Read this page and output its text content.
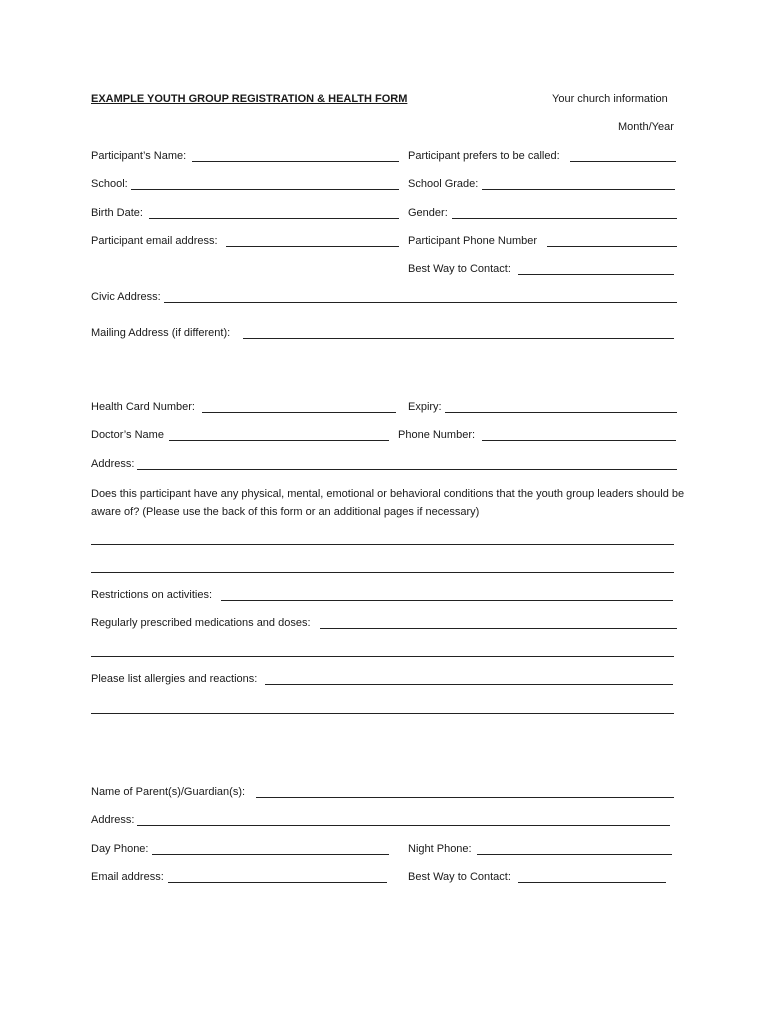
EXAMPLE YOUTH GROUP REGISTRATION & HEALTH FORM	Your church information
Month/Year
Participant’s Name:	Participant prefers to be called:
School:	School Grade:
Birth Date:	Gender:
Participant email address:	Participant Phone Number
Best Way to Contact:
Civic Address:
Mailing Address (if different):
Health Card Number:	Expiry:
Doctor’s Name	Phone Number:
Address:
Does this participant have any physical, mental, emotional or behavioral conditions that the youth group leaders should be aware of? (Please use the back of this form or an additional pages if necessary)
Restrictions on activities:
Regularly prescribed medications and doses:
Please list allergies and reactions:
Name of Parent(s)/Guardian(s):
Address:
Day Phone:	Night Phone:
Email address:	Best Way to Contact:
